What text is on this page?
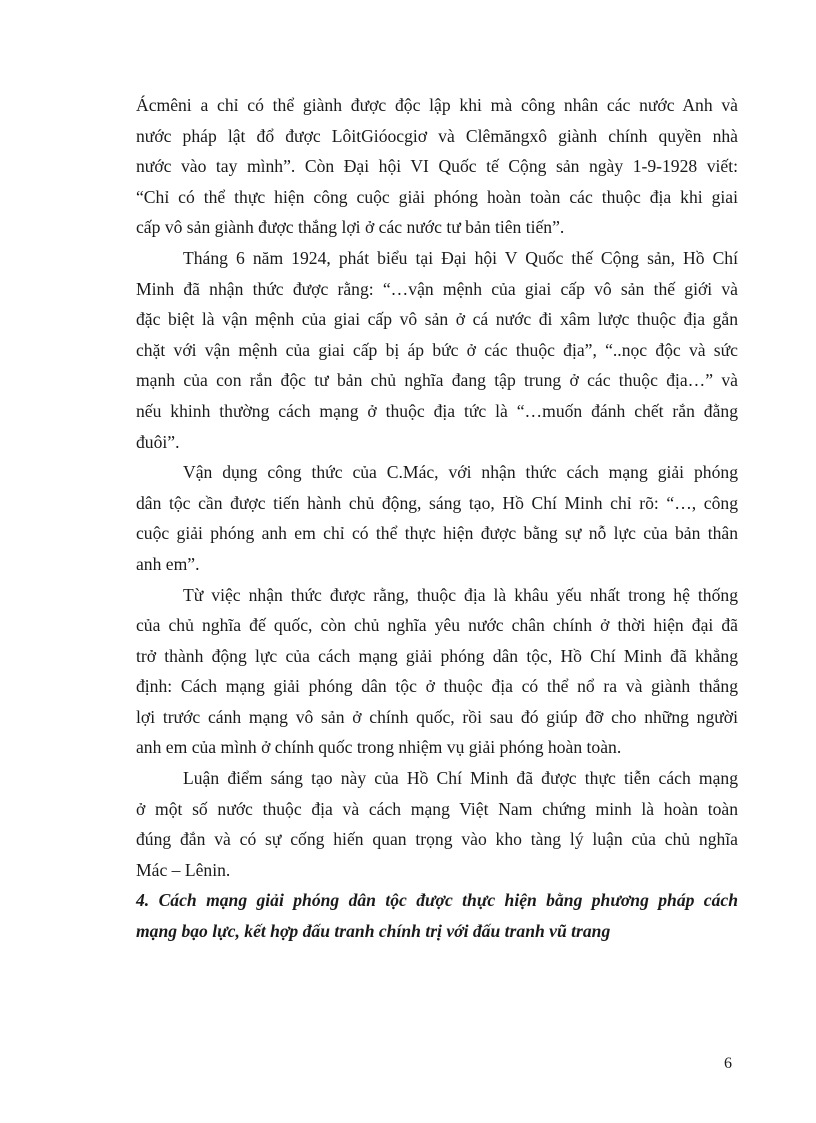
Ácmêni a chỉ có thể giành được độc lập khi mà công nhân các nước Anh và
nước pháp lật đổ được LôitGióocgiơ và Clêmăngxô giành chính quyền nhà
nước vào tay mình”. Còn Đại hội VI Quốc tế Cộng sản ngày 1-9-1928 viết:
“Chỉ có thể thực hiện công cuộc giải phóng hoàn toàn các thuộc địa khi giai
cấp vô sản giành được thắng lợi ở các nước tư bản tiên tiến”.
Tháng 6 năm 1924, phát biểu tại Đại hội V Quốc thế Cộng sản, Hồ Chí
Minh đã nhận thức được rằng: “…vận mệnh của giai cấp vô sản thế giới và
đặc biệt là vận mệnh của giai cấp vô sản ở cá nước đi xâm lược thuộc địa gắn
chặt với vận mệnh của giai cấp bị áp bức ở các thuộc địa”, “..nọc độc và sức
mạnh của con rắn độc tư bản chủ nghĩa đang tập trung ở các thuộc địa…” và
nếu khinh thường cách mạng ở thuộc địa tức là “…muốn đánh chết rắn đằng
đuôi”.
Vận dụng công thức của C.Mác, với nhận thức cách mạng giải phóng
dân tộc cần được tiến hành chủ động, sáng tạo, Hồ Chí Minh chỉ rõ: “…, công
cuộc giải phóng anh em chỉ có thể thực hiện được bằng sự nỗ lực của bản thân
anh em”.
Từ việc nhận thức được rằng, thuộc địa là khâu yếu nhất trong hệ thống
của chủ nghĩa đế quốc, còn chủ nghĩa yêu nước chân chính ở thời hiện đại đã
trở thành động lực của cách mạng giải phóng dân tộc, Hồ Chí Minh đã khẳng
định: Cách mạng giải phóng dân tộc ở thuộc địa có thể nổ ra và giành thắng
lợi trước cánh mạng vô sản ở chính quốc, rồi sau đó giúp đỡ cho những người
anh em của mình ở chính quốc trong nhiệm vụ giải phóng hoàn toàn.
Luận điểm sáng tạo này của Hồ Chí Minh đã được thực tiễn cách mạng
ở một số nước thuộc địa và cách mạng Việt Nam chứng minh là hoàn toàn
đúng đắn và có sự cống hiến quan trọng vào kho tàng lý luận của chủ nghĩa
Mác – Lênin.
4. Cách mạng giải phóng dân tộc được thực hiện bằng phương pháp cách
mạng bạo lực, kết hợp đấu tranh chính trị với đấu tranh vũ trang
6
